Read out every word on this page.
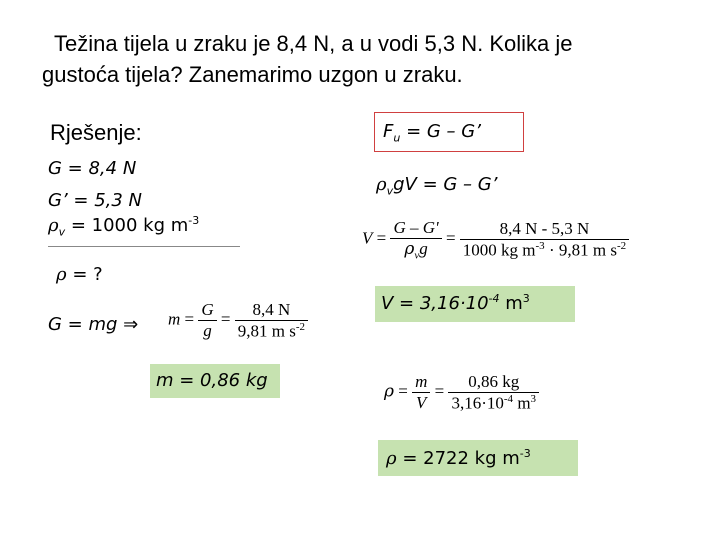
Težina tijela u zraku je 8,4 N, a u vodi 5,3 N. Kolika je
gustoća tijela? Zanemarimo uzgon u zraku.
Rješenje:
G = 8,4 N
G’ = 5,3 N
$\rho_v = 1000$ kg $m^{-3}$
ρ = ?
G = mg ⇒ $m = \frac{G}{g} = \frac{8,4 N}{9,81 m s^{-2}}$
m = 0,86 kg
$F_u = G - G$’
$\rho_vgV = G - G$’
$V = \frac{G - G'}{\rho_vg} = \frac{8,4 N - 5,3 N}{1000 kg m^{-3} \cdot 9,81 m s^{-2}}$
$V = 3,16\cdot 10^{-4}$ $m^3$
$\rho = \frac{m}{V} = \frac{0,86 kg}{3,16\cdot 10^{-4} m^3}$
ρ = 2722 kg $m^{-3}$
